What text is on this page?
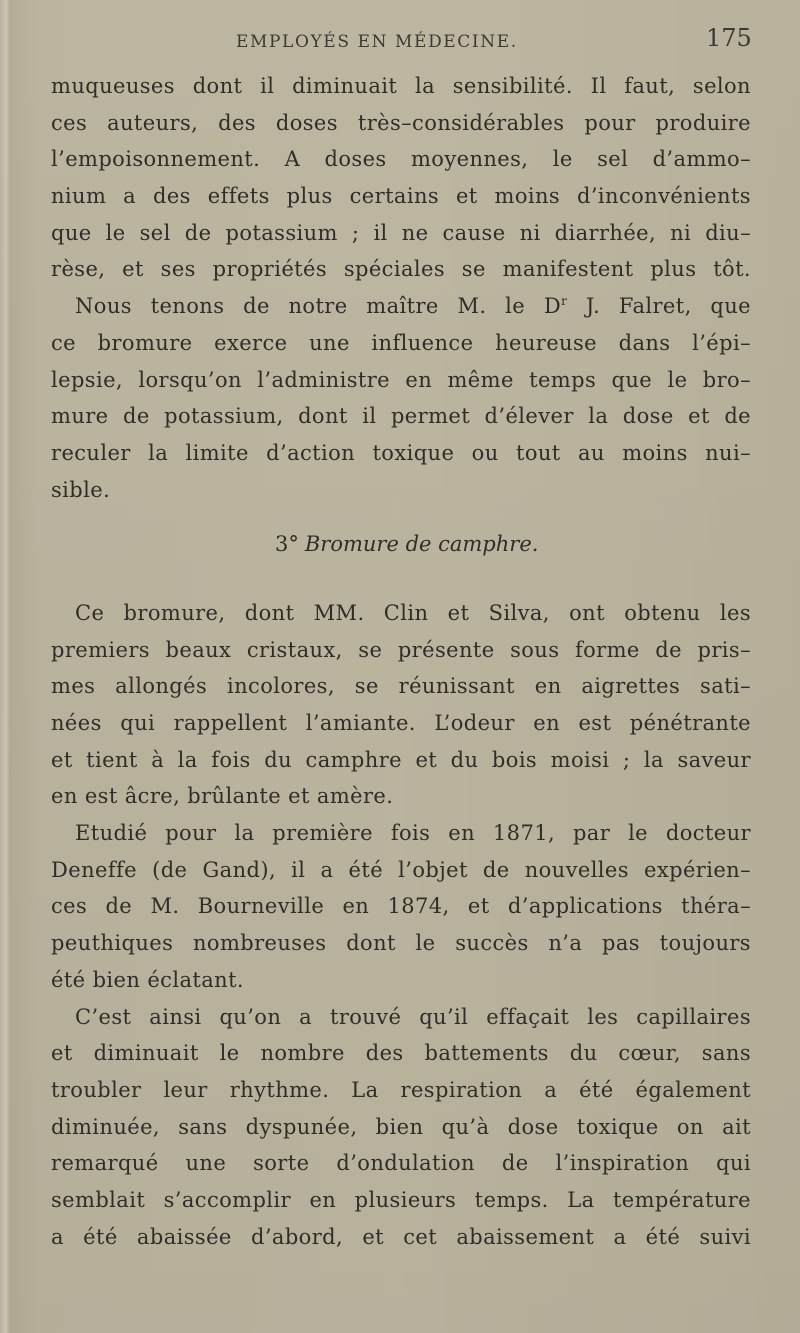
EMPLOYÉS EN MÉDECINE.	175
muqueuses dont il diminuait la sensibilité. Il faut, selon
ces auteurs, des doses très–considérables pour produire
l’empoisonnement. A doses moyennes, le sel d’ammo–
nium a des effets plus certains et moins d’inconvénients
que le sel de potassium ; il ne cause ni diarrhée, ni diu–
rèse, et ses propriétés spéciales se manifestent plus tôt.
Nous tenons de notre maître M. le $D^r$ J. Falret, que
ce bromure exerce une influence heureuse dans l’épi–
lepsie, lorsqu’on l’administre en même temps que le bro–
mure de potassium, dont il permet d’élever la dose et de
reculer la limite d’action toxique ou tout au moins nui–
sible.
3° Bromure de camphre.
Ce bromure, dont MM. Clin et Silva, ont obtenu les
premiers beaux cristaux, se présente sous forme de pris–
mes allongés incolores, se réunissant en aigrettes sati–
nées qui rappellent l’amiante. L’odeur en est pénétrante
et tient à la fois du camphre et du bois moisi ; la saveur
en est âcre, brûlante et amère.
Etudié pour la première fois en 1871, par le docteur
Deneffe (de Gand), il a été l’objet de nouvelles expérien–
ces de M. Bourneville en 1874, et d’applications théra–
peuthiques nombreuses dont le succès n’a pas toujours
été bien éclatant.
C’est ainsi qu’on a trouvé qu’il effaçait les capillaires
et diminuait le nombre des battements du cœur, sans
troubler leur rhythme. La respiration a été également
diminuée, sans dyspunée, bien qu’à dose toxique on ait
remarqué une sorte d’ondulation de l’inspiration qui
semblait s’accomplir en plusieurs temps. La température
a été abaissée d’abord, et cet abaissement a été suivi
